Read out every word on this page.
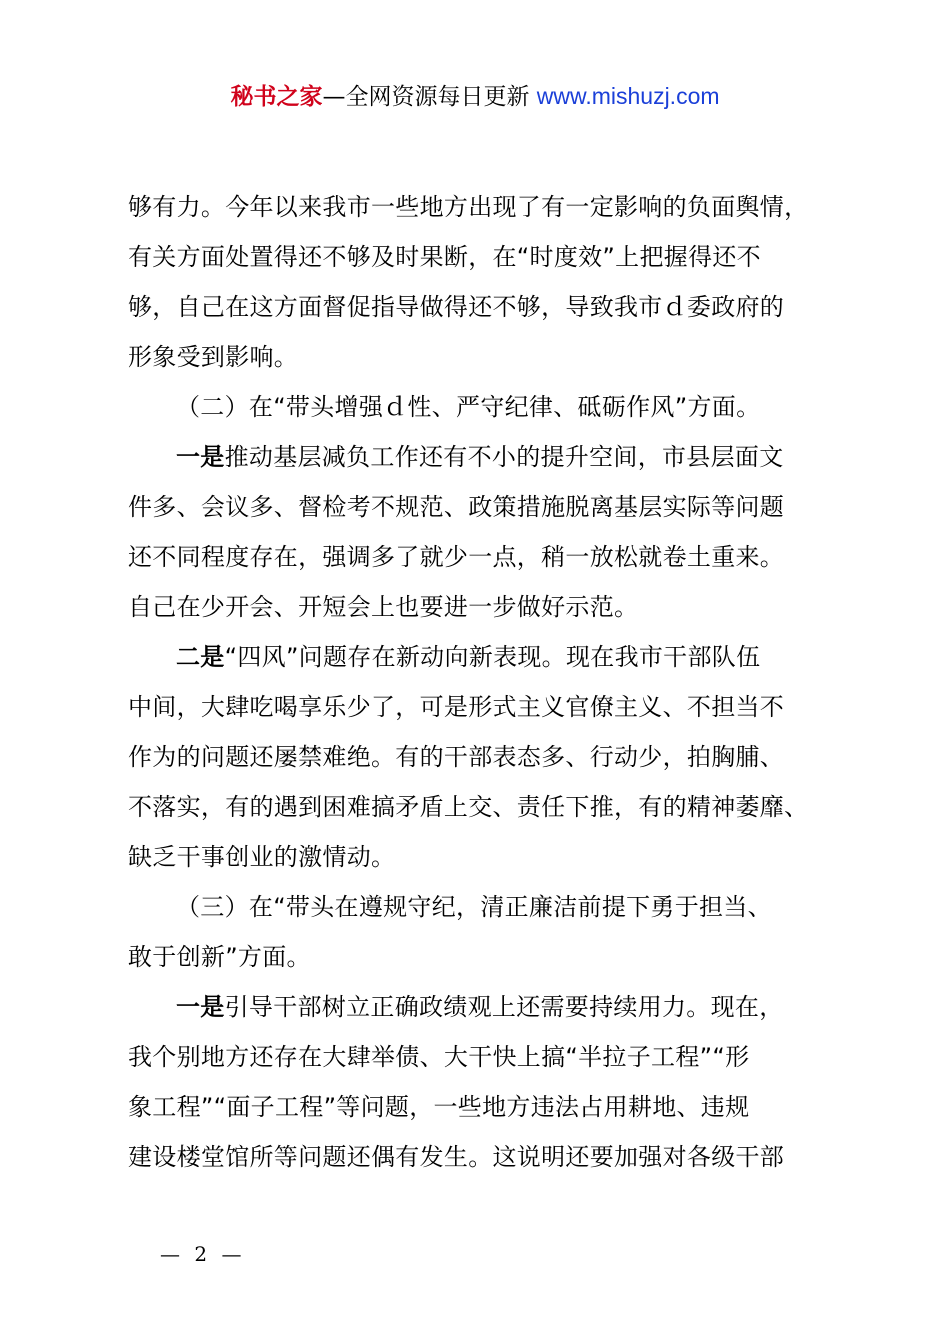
秘书之家—全网资源每日更新 www.mishuzj.com

够有力。今年以来我市一些地方出现了有一定影响的负面舆情，

有关方面处置得还不够及时果断，在“时度效”上把握得还不

够，自己在这方面督促指导做得还不够，导致我市ｄ委政府的

形象受到影响。

（二）在“带头增强ｄ性、严守纪律、砥砺作风”方面。

一是推动基层减负工作还有不小的提升空间，市县层面文

件多、会议多、督检考不规范、政策措施脱离基层实际等问题

还不同程度存在，强调多了就少一点，稍一放松就卷土重来。

自己在少开会、开短会上也要进一步做好示范。

二是“四风”问题存在新动向新表现。现在我市干部队伍

中间，大肆吃喝享乐少了，可是形式主义官僚主义、不担当不

作为的问题还屡禁难绝。有的干部表态多、行动少，拍胸脯、

不落实，有的遇到困难搞矛盾上交、责任下推，有的精神萎靡、

缺乏干事创业的激情动。

（三）在“带头在遵规守纪，清正廉洁前提下勇于担当、

敢于创新”方面。

一是引导干部树立正确政绩观上还需要持续用力。现在，

我个别地方还存在大肆举债、大干快上搞“半拉子工程”“形

象工程”“面子工程”等问题，一些地方违法占用耕地、违规

建设楼堂馆所等问题还偶有发生。这说明还要加强对各级干部

— 2 —
